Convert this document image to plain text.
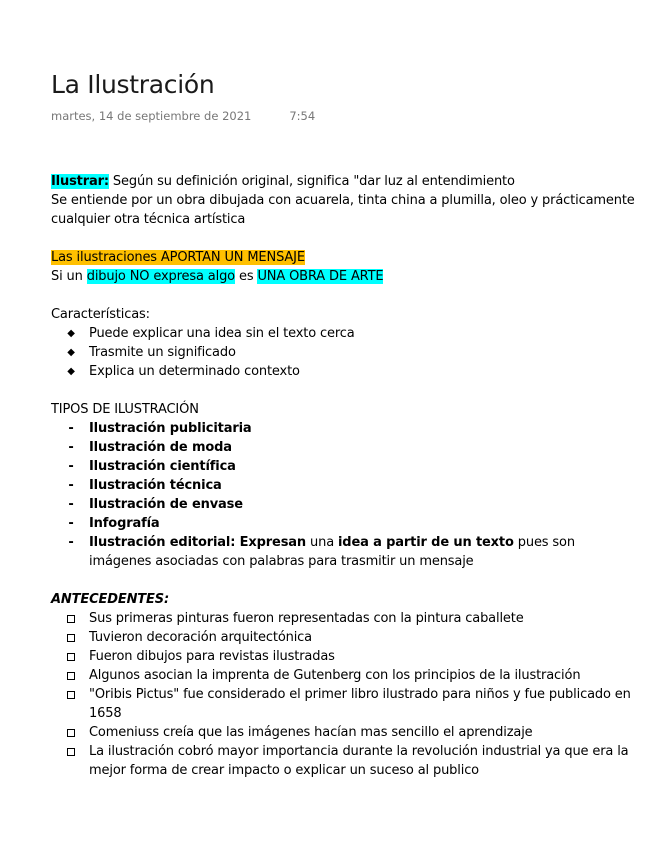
La Ilustración
martes, 14 de septiembre de 2021	7:54

Ilustrar: Según su definición original, significa "dar luz al entendimiento

Se entiende por un obra dibujada con acuarela, tinta china a plumilla, oleo y prácticamente cualquier otra técnica artística

Las ilustraciones APORTAN UN MENSAJE

Si un dibujo NO expresa algo es UNA OBRA DE ARTE

Características:

◆ Puede explicar una idea sin el texto cerca
◆ Trasmite un significado
◆ Explica un determinado contexto

TIPOS DE ILUSTRACIÓN

- Ilustración publicitaria
- Ilustración de moda
- Ilustración científica
- Ilustración técnica
- Ilustración de envase
- Infografía
- Ilustración editorial: Expresan una idea a partir de un texto pues son imágenes asociadas con palabras para trasmitir un mensaje

ANTECEDENTES:

Sus primeras pinturas fueron representadas con la pintura caballete
Tuvieron decoración arquitectónica
Fueron dibujos para revistas ilustradas
Algunos asocian la imprenta de Gutenberg con los principios de la ilustración
"Oribis Pictus" fue considerado el primer libro ilustrado para niños y fue publicado en 1658
Comeniuss creía que las imágenes hacían mas sencillo el aprendizaje
La ilustración cobró mayor importancia durante la revolución industrial ya que era la mejor forma de crear impacto o explicar un suceso al publico
